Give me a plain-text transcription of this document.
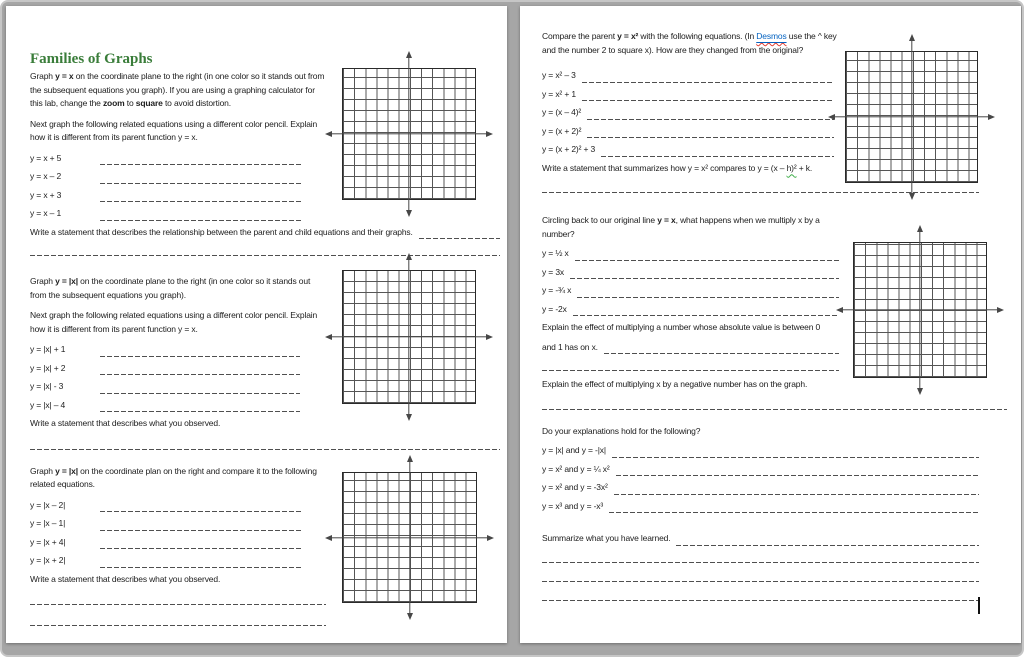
Families of Graphs
Graph y = x on the coordinate plane to the right (in one color so it stands out from the subsequent equations you graph). If you are using a graphing calculator for this lab, change the zoom to square to avoid distortion.
Next graph the following related equations using a different color pencil. Explain how it is different from its parent function y = x.
y = x + 5
y = x – 2
y = x + 3
y = x – 1
Write a statement that describes the relationship between the parent and child equations and their graphs.
Graph y = |x| on the coordinate plane to the right (in one color so it stands out from the subsequent equations you graph).
Next graph the following related equations using a different color pencil. Explain how it is different from its parent function y = x.
y = |x| + 1
y = |x| + 2
y = |x| - 3
y = |x| – 4
Write a statement that describes what you observed.
Graph y = |x| on the coordinate plan on the right and compare it to the following related equations.
y = |x – 2|
y = |x – 1|
y = |x + 4|
y = |x + 2|
Write a statement that describes what you observed.
Compare the parent y = x² with the following equations. (In Desmos use the ^ key and the number 2 to square x). How are they changed from the original?
y = x² – 3
y = x² + 1
y = (x – 4)²
y = (x + 2)²
y = (x + 2)² + 3
Write a statement that summarizes how y = x² compares to y = (x – h)² + k.
Circling back to our original line y = x, what happens when we multiply x by a number?
y = ½ x
y = 3x
y = -¾ x
y = -2x
Explain the effect of multiplying a number whose absolute value is between 0
and 1 has on x.
Explain the effect of multiplying x by a negative number has on the graph.
Do your explanations hold for the following?
y = |x| and y = -|x|
y = x² and y = ¼ x²
y = x² and y = -3x²
y = x³ and y = -x³
Summarize what you have learned.
